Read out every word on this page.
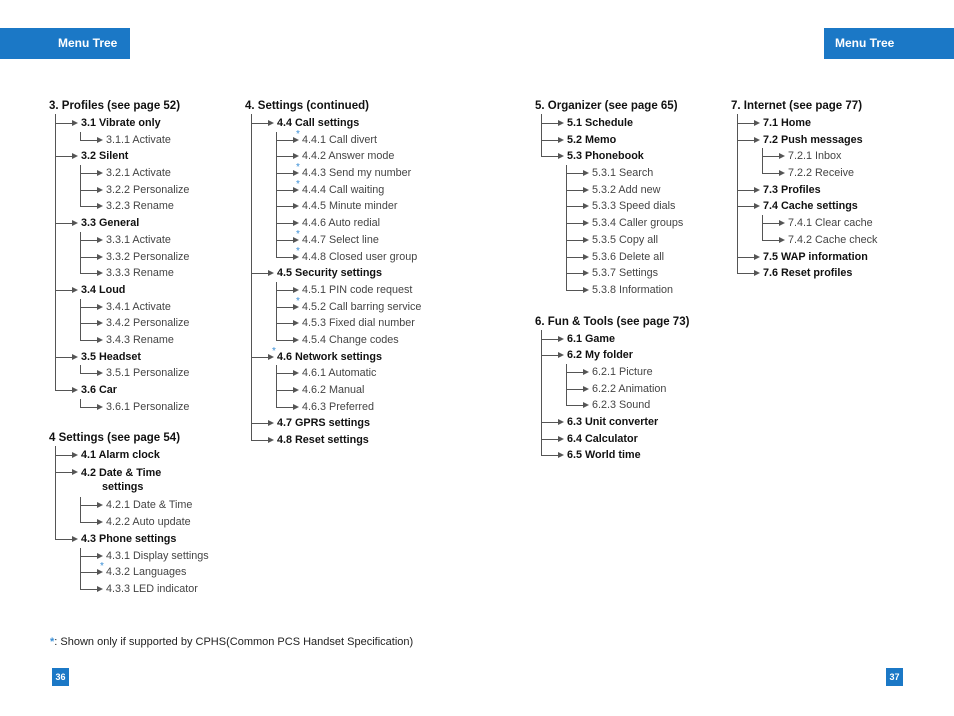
Menu Tree	Menu Tree
3. Profiles (see page 52)
3.1 Vibrate only
3.1.1 Activate
3.2 Silent
3.2.1 Activate
3.2.2 Personalize
3.2.3 Rename
3.3 General
3.3.1 Activate
3.3.2 Personalize
3.3.3 Rename
3.4 Loud
3.4.1 Activate
3.4.2 Personalize
3.4.3 Rename
3.5 Headset
3.5.1 Personalize
3.6 Car
3.6.1 Personalize
4 Settings (see page 54)
4.1 Alarm clock
4.2 Date & Time
settings
4.2.1 Date & Time
4.2.2 Auto update
4.3 Phone settings
4.3.1 Display settings
* 4.3.2 Languages
4.3.3 LED indicator
4. Settings (continued)
4.4 Call settings
* 4.4.1 Call divert
4.4.2 Answer mode
* 4.4.3 Send my number
* 4.4.4 Call waiting
4.4.5 Minute minder
4.4.6 Auto redial
* 4.4.7 Select line
* 4.4.8 Closed user group
4.5 Security settings
4.5.1 PIN code request
* 4.5.2 Call barring service
4.5.3 Fixed dial number
4.5.4 Change codes
* 4.6 Network settings
4.6.1 Automatic
4.6.2 Manual
4.6.3 Preferred
4.7 GPRS settings
4.8 Reset settings
5. Organizer (see page 65)
5.1 Schedule
5.2 Memo
5.3 Phonebook
5.3.1 Search
5.3.2 Add new
5.3.3 Speed dials
5.3.4 Caller groups
5.3.5 Copy all
5.3.6 Delete all
5.3.7 Settings
5.3.8 Information
6. Fun & Tools (see page 73)
6.1 Game
6.2 My folder
6.2.1 Picture
6.2.2 Animation
6.2.3 Sound
6.3 Unit converter
6.4 Calculator
6.5 World time
7. Internet (see page 77)
7.1 Home
7.2 Push messages
7.2.1 Inbox
7.2.2 Receive
7.3 Profiles
7.4 Cache settings
7.4.1 Clear cache
7.4.2 Cache check
7.5 WAP information
7.6 Reset profiles
*: Shown only if supported by CPHS(Common PCS Handset Specification)
36	37
